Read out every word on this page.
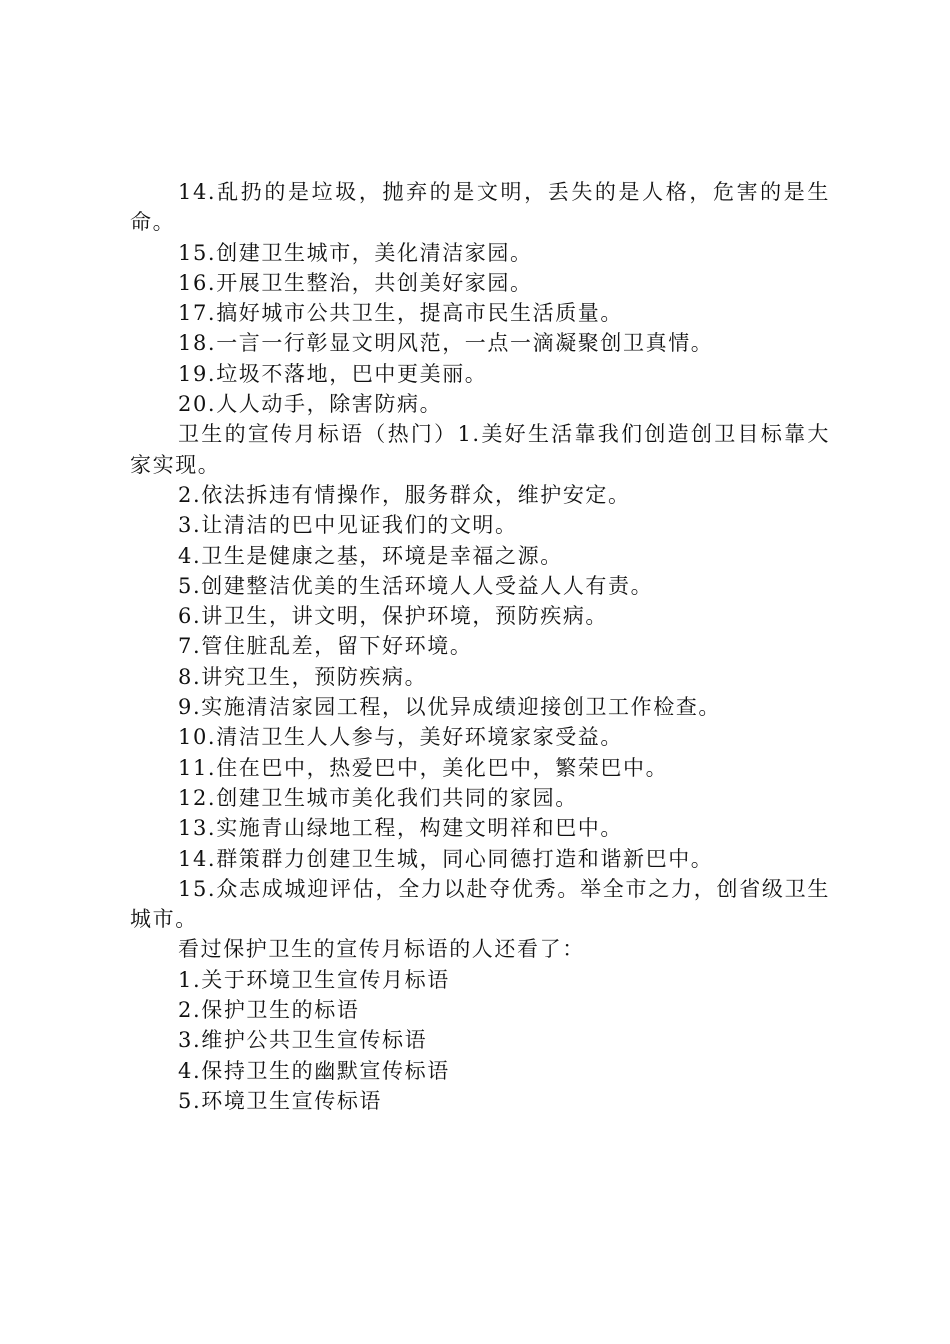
14.乱扔的是垃圾，抛弃的是文明，丢失的是人格，危害的是生命。

15.创建卫生城市，美化清洁家园。

16.开展卫生整治，共创美好家园。

17.搞好城市公共卫生，提高市民生活质量。

18.一言一行彰显文明风范，一点一滴凝聚创卫真情。

19.垃圾不落地，巴中更美丽。

20.人人动手，除害防病。

卫生的宣传月标语（热门）1.美好生活靠我们创造创卫目标靠大家实现。

2.依法拆违有情操作，服务群众，维护安定。

3.让清洁的巴中见证我们的文明。

4.卫生是健康之基，环境是幸福之源。

5.创建整洁优美的生活环境人人受益人人有责。

6.讲卫生，讲文明，保护环境，预防疾病。

7.管住脏乱差，留下好环境。

8.讲究卫生，预防疾病。

9.实施清洁家园工程，以优异成绩迎接创卫工作检查。

10.清洁卫生人人参与，美好环境家家受益。

11.住在巴中，热爱巴中，美化巴中，繁荣巴中。

12.创建卫生城市美化我们共同的家园。

13.实施青山绿地工程，构建文明祥和巴中。

14.群策群力创建卫生城，同心同德打造和谐新巴中。

15.众志成城迎评估，全力以赴夺优秀。举全市之力，创省级卫生城市。

看过保护卫生的宣传月标语的人还看了：

1.关于环境卫生宣传月标语

2.保护卫生的标语

3.维护公共卫生宣传标语

4.保持卫生的幽默宣传标语

5.环境卫生宣传标语
